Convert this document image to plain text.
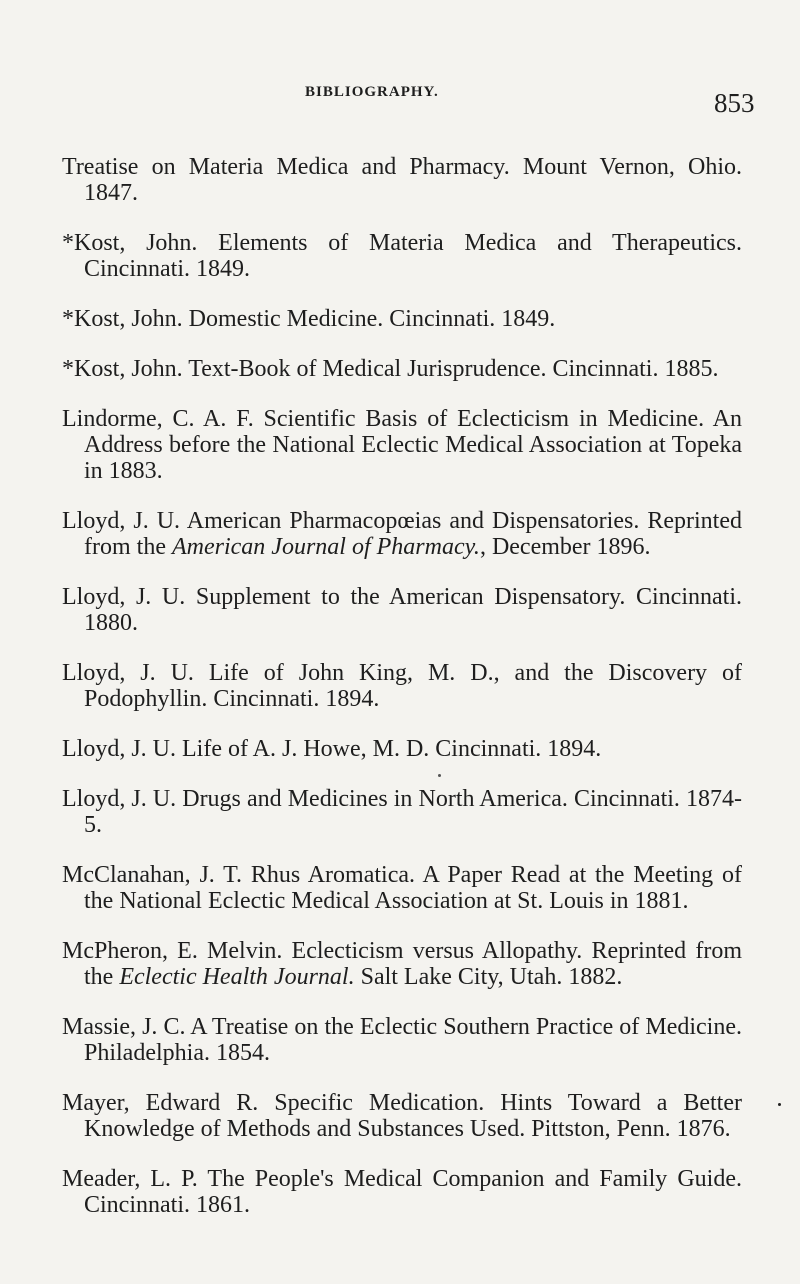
BIBLIOGRAPHY.	853

Treatise on Materia Medica and Pharmacy. Mount Vernon, Ohio. 1847.

*Kost, John. Elements of Materia Medica and Therapeutics. Cincinnati. 1849.

*Kost, John. Domestic Medicine. Cincinnati. 1849.

*Kost, John. Text-Book of Medical Jurisprudence. Cincinnati. 1885.

Lindorme, C. A. F. Scientific Basis of Eclecticism in Medicine. An Address before the National Eclectic Medical Association at Topeka in 1883.

Lloyd, J. U. American Pharmacopœias and Dispensatories. Reprinted from the American Journal of Pharmacy., December 1896.

Lloyd, J. U. Supplement to the American Dispensatory. Cincinnati. 1880.

Lloyd, J. U. Life of John King, M. D., and the Discovery of Podophyllin. Cincinnati. 1894.

Lloyd, J. U. Life of A. J. Howe, M. D. Cincinnati. 1894.

Lloyd, J. U. Drugs and Medicines in North America. Cincinnati. 1874-5.

McClanahan, J. T. Rhus Aromatica. A Paper Read at the Meeting of the National Eclectic Medical Association at St. Louis in 1881.

McPheron, E. Melvin. Eclecticism versus Allopathy. Reprinted from the Eclectic Health Journal. Salt Lake City, Utah. 1882.

Massie, J. C. A Treatise on the Eclectic Southern Practice of Medicine. Philadelphia. 1854.

Mayer, Edward R. Specific Medication. Hints Toward a Better Knowledge of Methods and Substances Used. Pittston, Penn. 1876.

Meader, L. P. The People's Medical Companion and Family Guide. Cincinnati. 1861.
